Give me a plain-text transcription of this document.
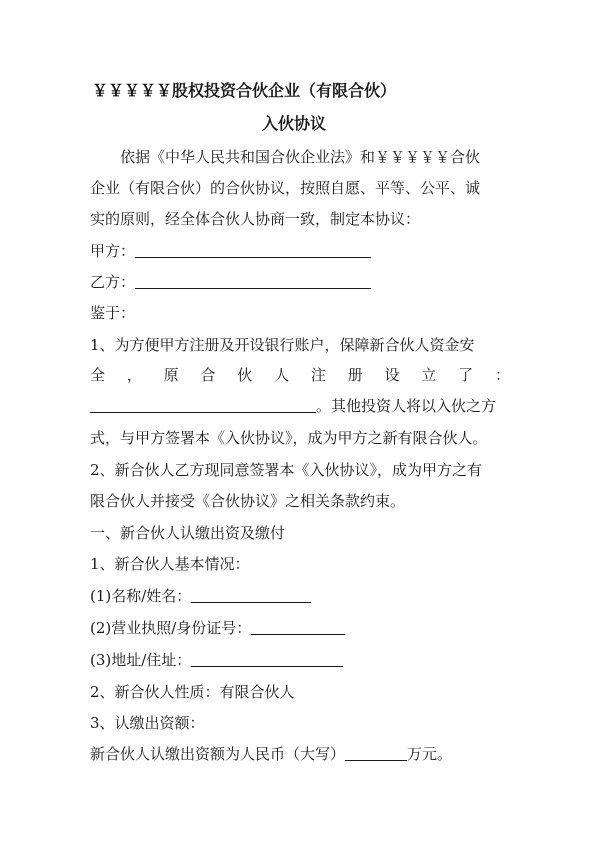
￥￥￥￥￥股权投资合伙企业（有限合伙）
入伙协议
依据《中华人民共和国合伙企业法》和￥￥￥￥￥合伙
企业（有限合伙）的合伙协议，按照自愿、平等、公平、诚
实的原则，经全体合伙人协商一致，制定本协议：
甲方：
乙方：
鉴于：
1、为方便甲方注册及开设银行账户，保障新合伙人资金安
全 ， 原 合 伙 人 注 册 设 立 了 ：
。其他投资人将以入伙之方
式，与甲方签署本《入伙协议》，成为甲方之新有限合伙人。
2、新合伙人乙方现同意签署本《入伙协议》，成为甲方之有
限合伙人并接受《合伙协议》之相关条款约束。
一、新合伙人认缴出资及缴付
1、新合伙人基本情况：
(1)名称/姓名：
(2)营业执照/身份证号：
(3)地址/住址：
2、新合伙人性质：有限合伙人
3、认缴出资额：
新合伙人认缴出资额为人民币（大写）	万元。
